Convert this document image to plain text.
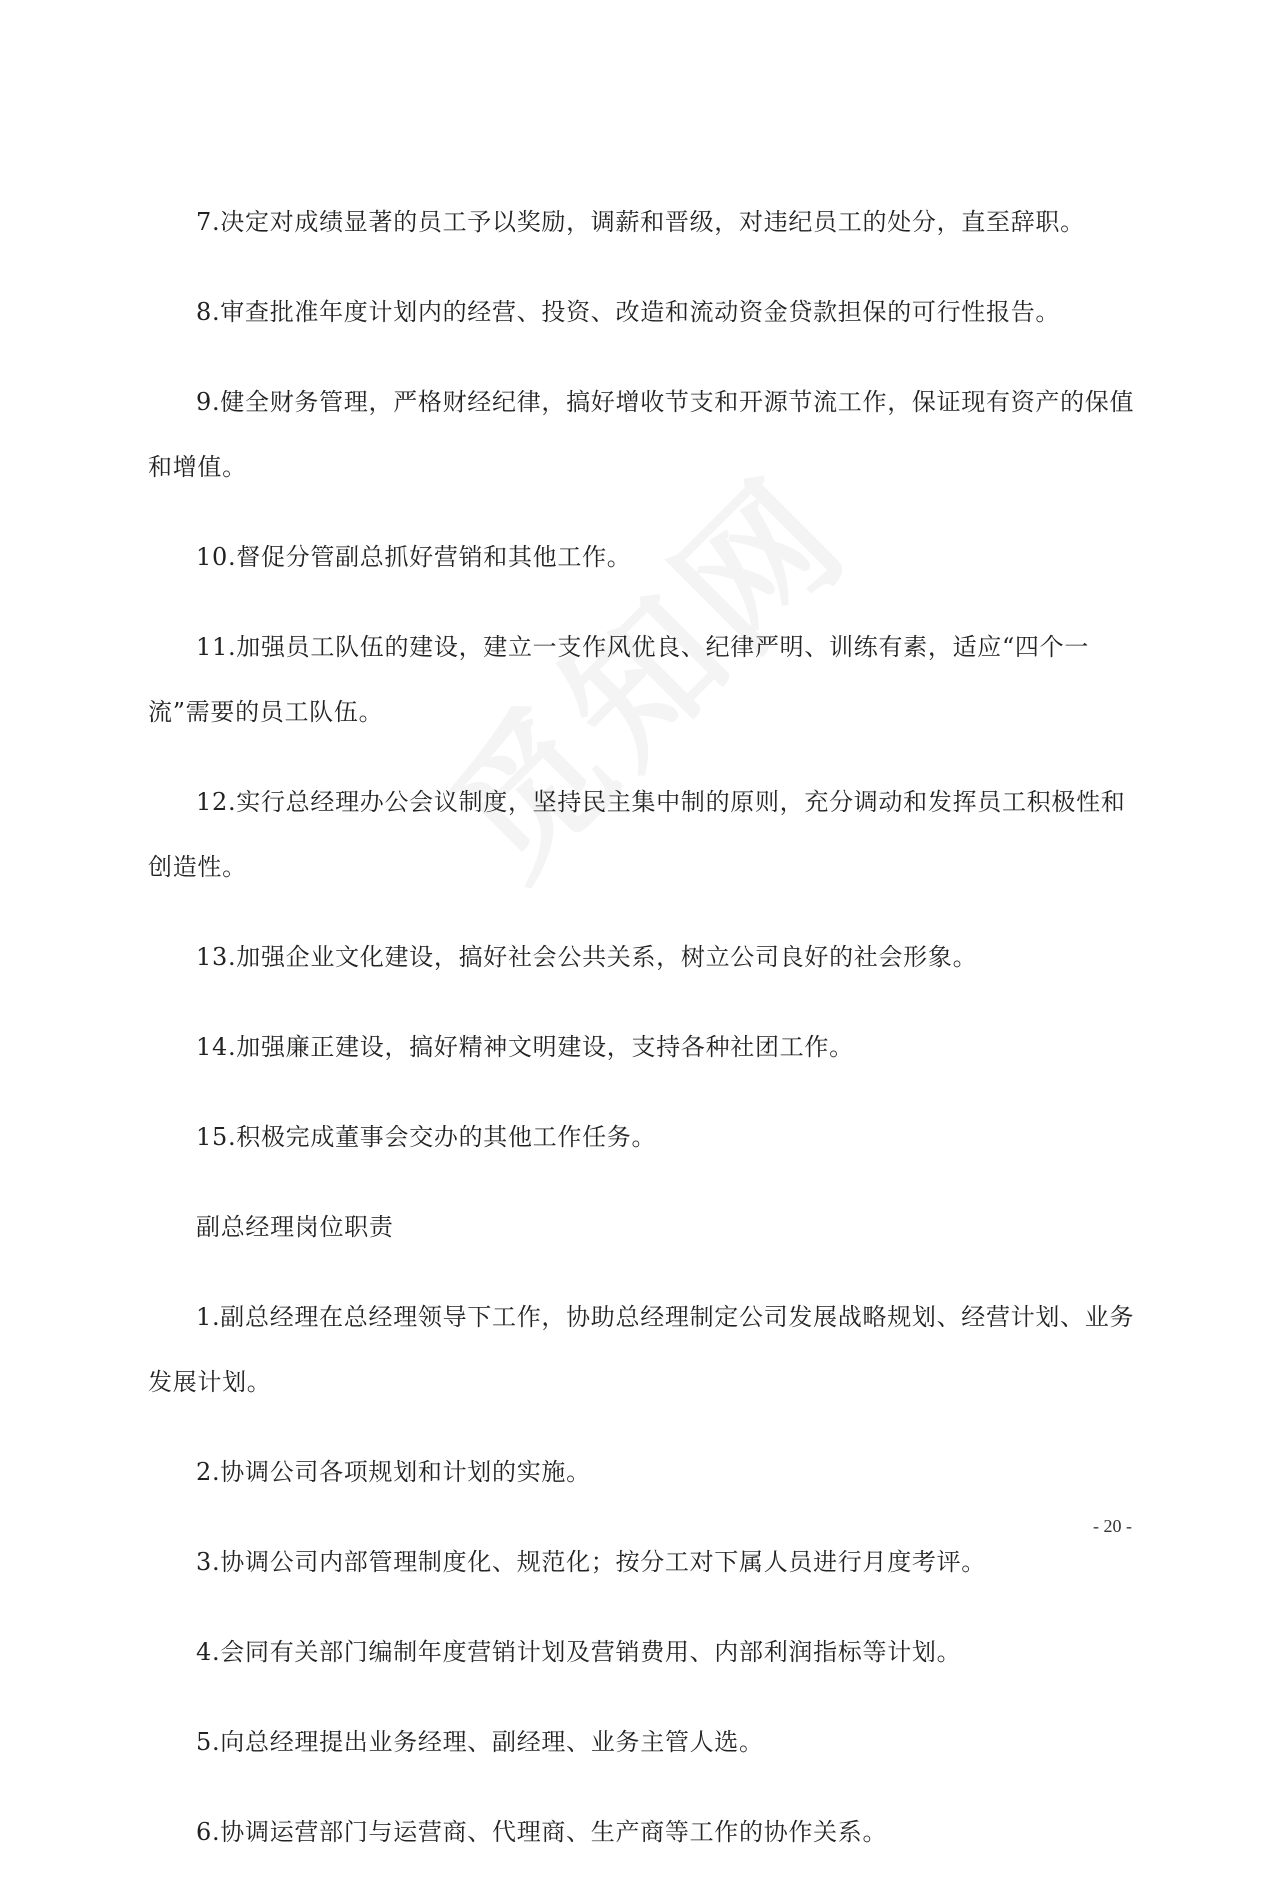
7.决定对成绩显著的员工予以奖励，调薪和晋级，对违纪员工的处分，直至辞职。

8.审查批准年度计划内的经营、投资、改造和流动资金贷款担保的可行性报告。

9.健全财务管理，严格财经纪律，搞好增收节支和开源节流工作，保证现有资产的保值和增值。

10.督促分管副总抓好营销和其他工作。

11.加强员工队伍的建设，建立一支作风优良、纪律严明、训练有素，适应“四个一流”需要的员工队伍。

12.实行总经理办公会议制度，坚持民主集中制的原则，充分调动和发挥员工积极性和创造性。

13.加强企业文化建设，搞好社会公共关系，树立公司良好的社会形象。

14.加强廉正建设，搞好精神文明建设，支持各种社团工作。

15.积极完成董事会交办的其他工作任务。

副总经理岗位职责

1.副总经理在总经理领导下工作，协助总经理制定公司发展战略规划、经营计划、业务发展计划。

2.协调公司各项规划和计划的实施。

3.协调公司内部管理制度化、规范化；按分工对下属人员进行月度考评。

4.会同有关部门编制年度营销计划及营销费用、内部利润指标等计划。

5.向总经理提出业务经理、副经理、业务主管人选。

6.协调运营部门与运营商、代理商、生产商等工作的协作关系。

- 20 -
